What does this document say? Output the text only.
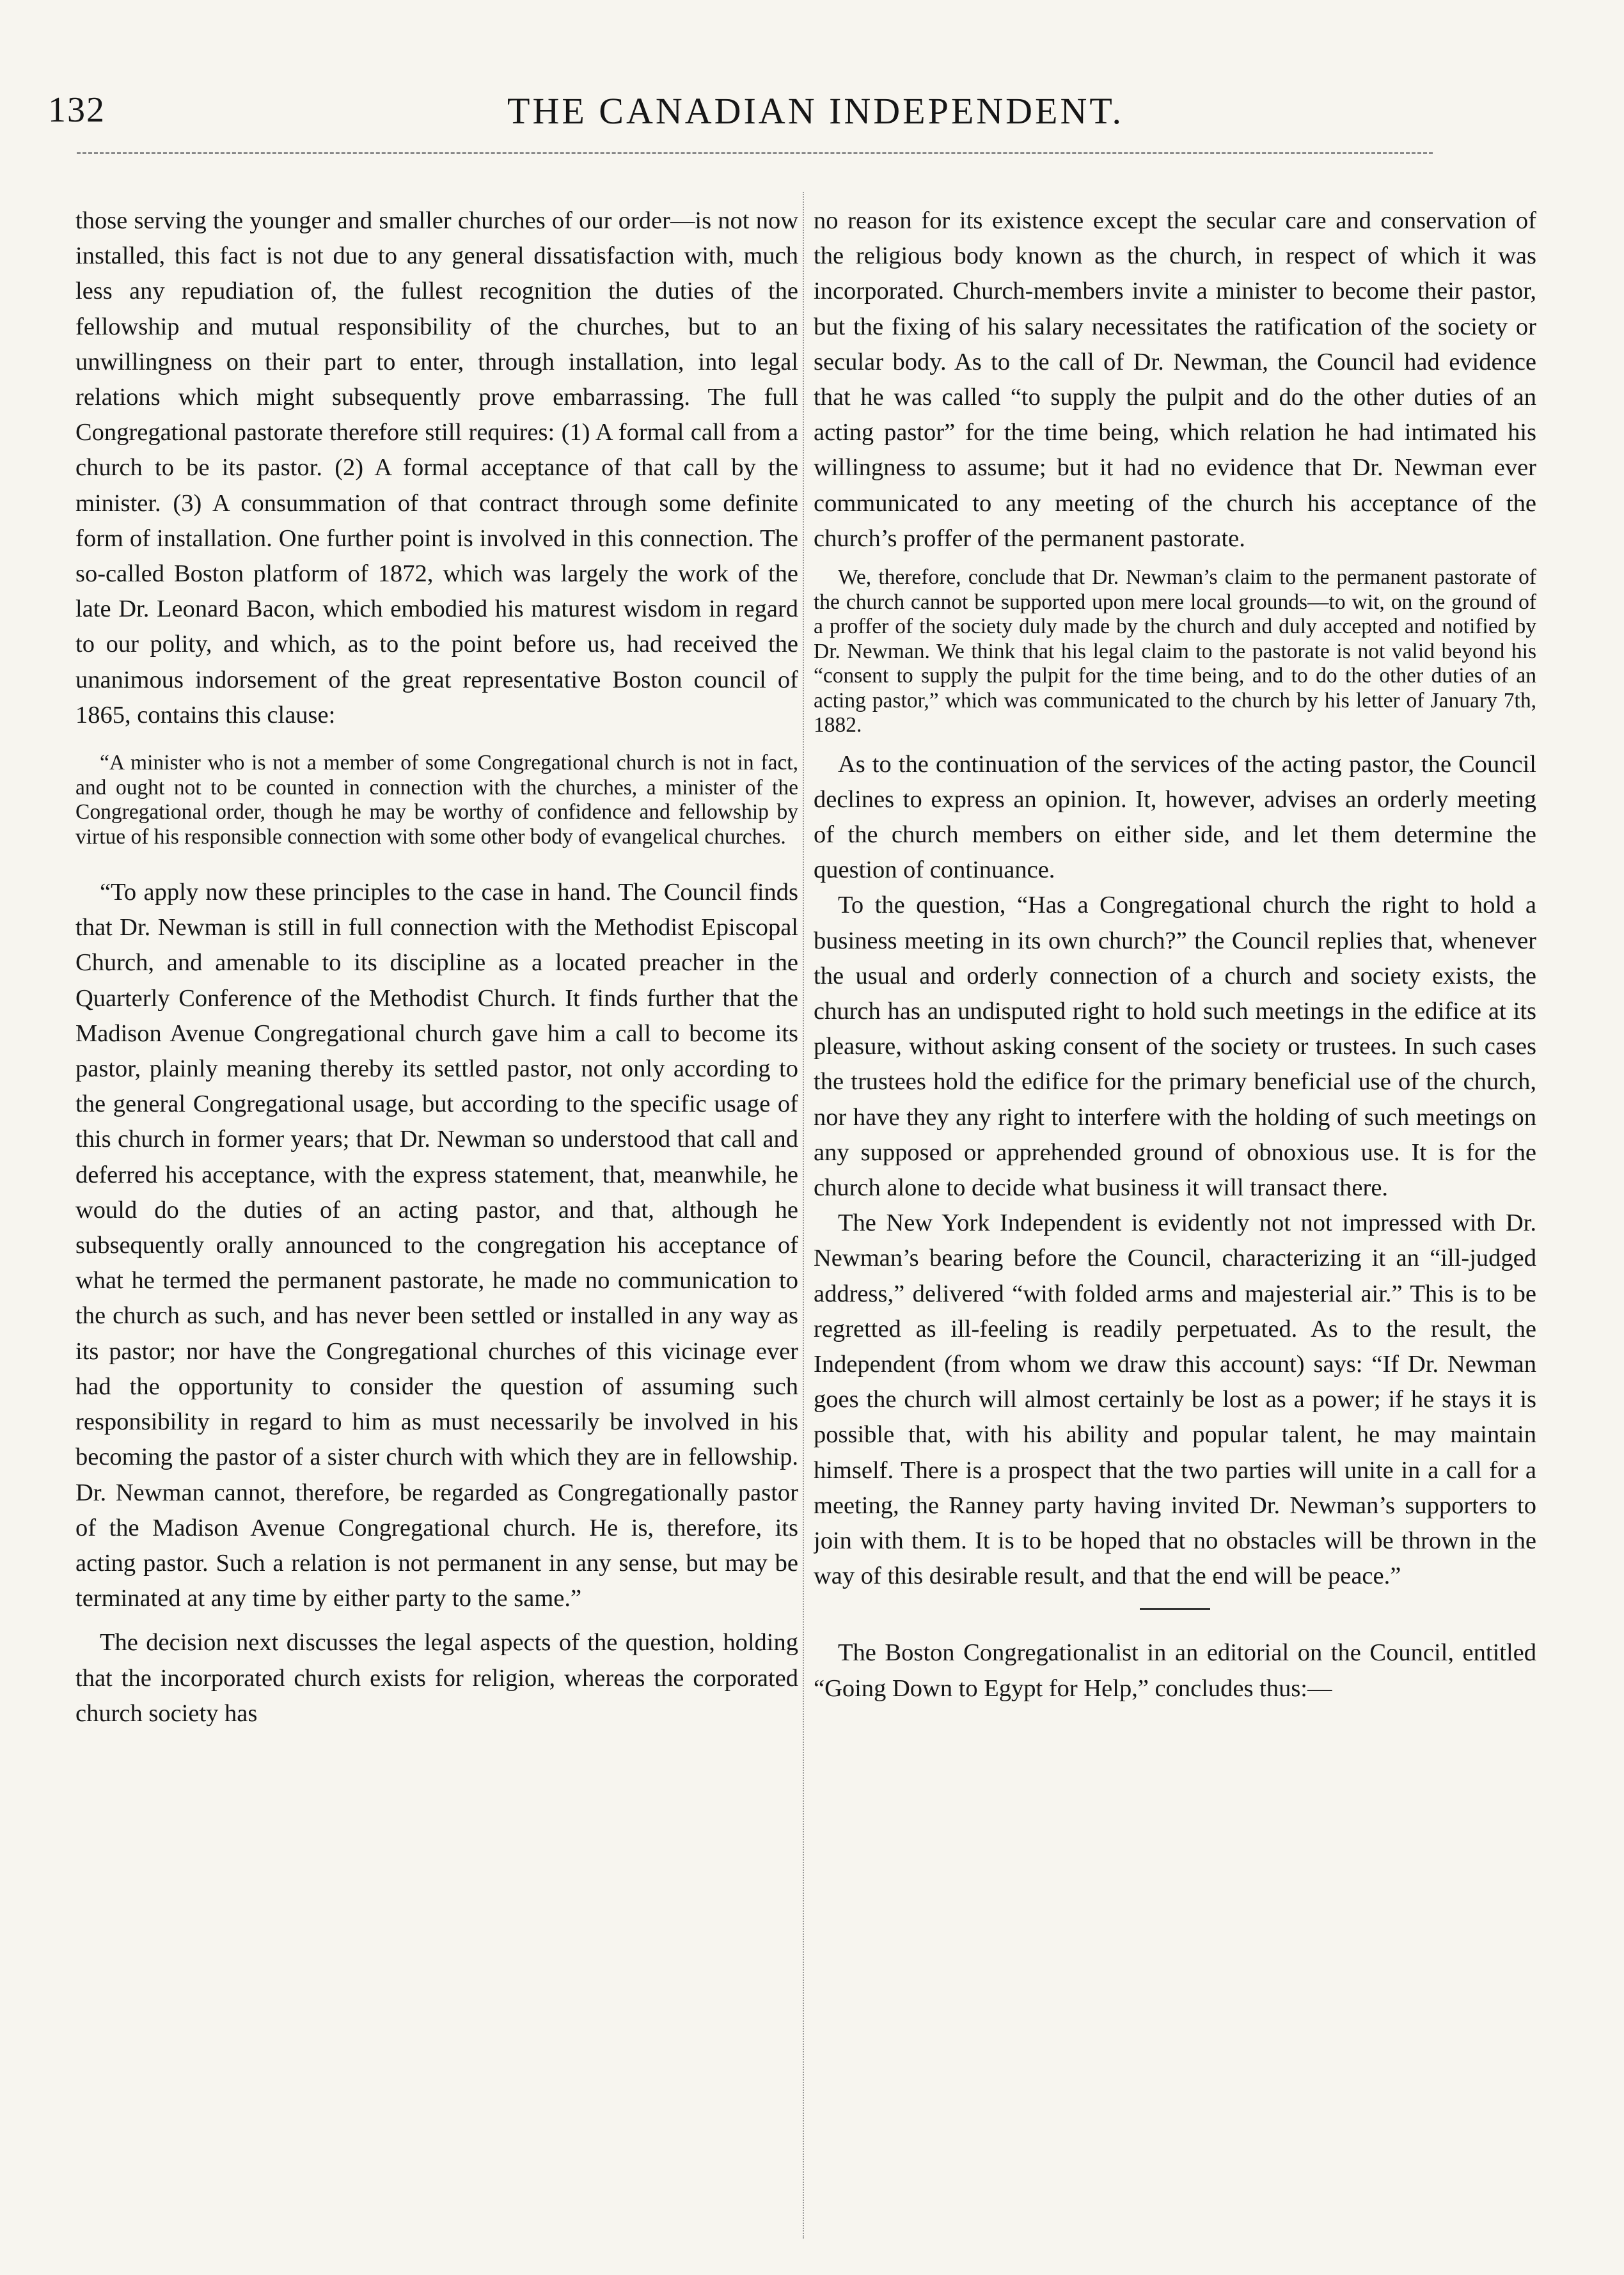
132	THE CANADIAN INDEPENDENT.

those serving the younger and smaller churches of our order—is not now installed, this fact is not due to any general dissatisfaction with, much less any repudiation of, the fullest recognition the duties of the fellowship and mutual responsibility of the churches, but to an unwillingness on their part to enter, through installation, into legal relations which might subsequently prove embarrassing. The full Congregational pastorate therefore still requires: (1) A formal call from a church to be its pastor. (2) A formal acceptance of that call by the minister. (3) A consummation of that contract through some definite form of installation. One further point is involved in this connection. The so-called Boston platform of 1872, which was largely the work of the late Dr. Leonard Bacon, which embodied his maturest wisdom in regard to our polity, and which, as to the point before us, had received the unanimous indorsement of the great representative Boston council of 1865, contains this clause:

“A minister who is not a member of some Congregational church is not in fact, and ought not to be counted in connection with the churches, a minister of the Congregational order, though he may be worthy of confidence and fellowship by virtue of his responsible connection with some other body of evangelical churches.

“To apply now these principles to the case in hand. The Council finds that Dr. Newman is still in full connection with the Methodist Episcopal Church, and amenable to its discipline as a located preacher in the Quarterly Conference of the Methodist Church. It finds further that the Madison Avenue Congregational church gave him a call to become its pastor, plainly meaning thereby its settled pastor, not only according to the general Congregational usage, but according to the specific usage of this church in former years; that Dr. Newman so understood that call and deferred his acceptance, with the express statement, that, meanwhile, he would do the duties of an acting pastor, and that, although he subsequently orally announced to the congregation his acceptance of what he termed the permanent pastorate, he made no communication to the church as such, and has never been settled or installed in any way as its pastor; nor have the Congregational churches of this vicinage ever had the opportunity to consider the question of assuming such responsibility in regard to him as must necessarily be involved in his becoming the pastor of a sister church with which they are in fellowship. Dr. Newman cannot, therefore, be regarded as Congregationally pastor of the Madison Avenue Congregational church. He is, therefore, its acting pastor. Such a relation is not permanent in any sense, but may be terminated at any time by either party to the same.”

The decision next discusses the legal aspects of the question, holding that the incorporated church exists for religion, whereas the corporated church society has

no reason for its existence except the secular care and conservation of the religious body known as the church, in respect of which it was incorporated. Church-members invite a minister to become their pastor, but the fixing of his salary necessitates the ratification of the society or secular body. As to the call of Dr. Newman, the Council had evidence that he was called “to supply the pulpit and do the other duties of an acting pastor” for the time being, which relation he had intimated his willingness to assume; but it had no evidence that Dr. Newman ever communicated to any meeting of the church his acceptance of the church’s proffer of the permanent pastorate.

We, therefore, conclude that Dr. Newman’s claim to the permanent pastorate of the church cannot be supported upon mere local grounds—to wit, on the ground of a proffer of the society duly made by the church and duly accepted and notified by Dr. Newman. We think that his legal claim to the pastorate is not valid beyond his “consent to supply the pulpit for the time being, and to do the other duties of an acting pastor,” which was communicated to the church by his letter of January 7th, 1882.

As to the continuation of the services of the acting pastor, the Council declines to express an opinion. It, however, advises an orderly meeting of the church members on either side, and let them determine the question of continuance.

To the question, “Has a Congregational church the right to hold a business meeting in its own church?” the Council replies that, whenever the usual and orderly connection of a church and society exists, the church has an undisputed right to hold such meetings in the edifice at its pleasure, without asking consent of the society or trustees. In such cases the trustees hold the edifice for the primary beneficial use of the church, nor have they any right to interfere with the holding of such meetings on any supposed or apprehended ground of obnoxious use. It is for the church alone to decide what business it will transact there.

The New York Independent is evidently not not impressed with Dr. Newman’s bearing before the Council, characterizing it an “ill-judged address,” delivered “with folded arms and majesterial air.” This is to be regretted as ill-feeling is readily perpetuated. As to the result, the Independent (from whom we draw this account) says: “If Dr. Newman goes the church will almost certainly be lost as a power; if he stays it is possible that, with his ability and popular talent, he may maintain himself. There is a prospect that the two parties will unite in a call for a meeting, the Ranney party having invited Dr. Newman’s supporters to join with them. It is to be hoped that no obstacles will be thrown in the way of this desirable result, and that the end will be peace.”

The Boston Congregationalist in an editorial on the Council, entitled “Going Down to Egypt for Help,” concludes thus:—
